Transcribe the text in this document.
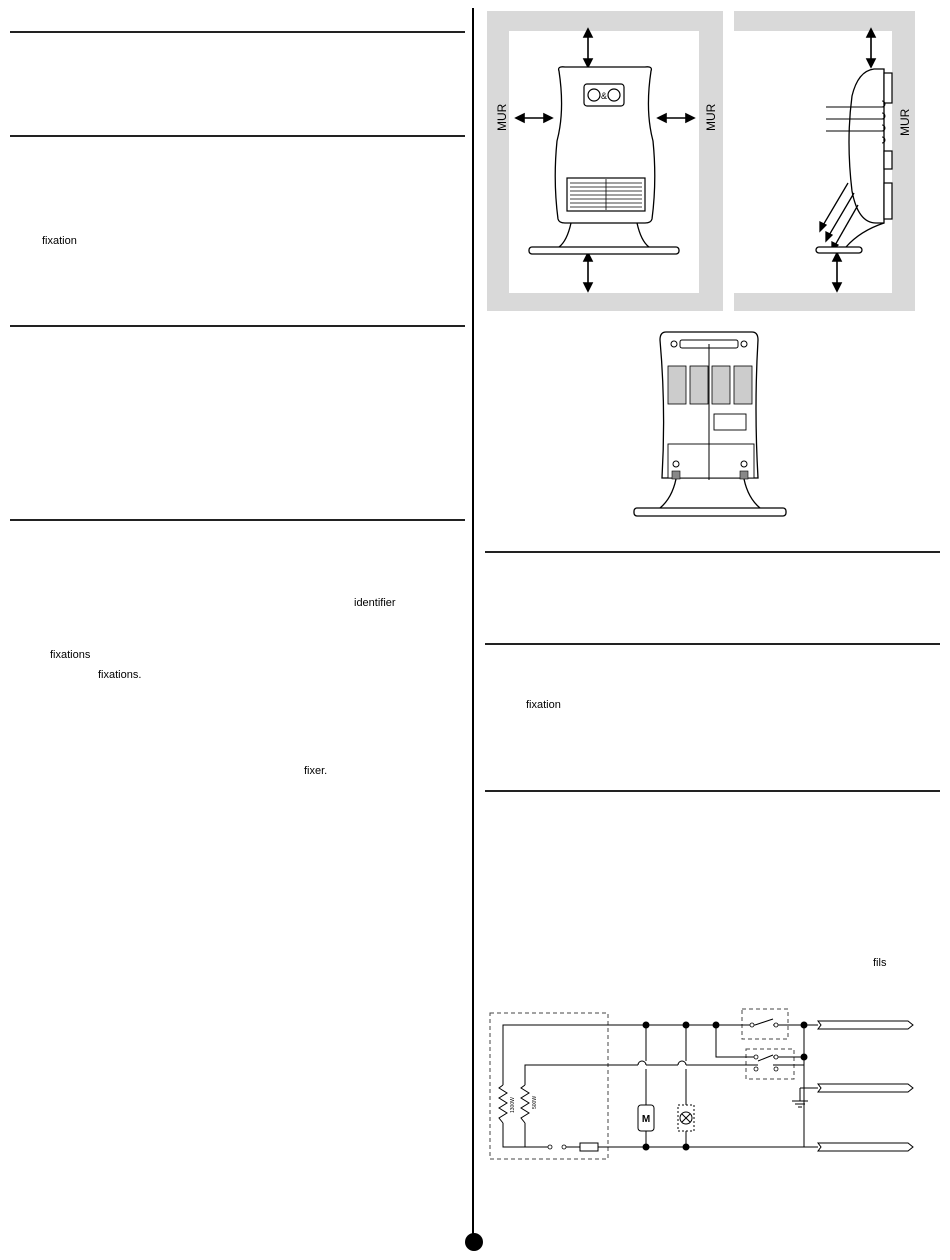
fixation
identifier
fixations
fixations.
fixer.
&
MUR	MUR	MUR
fixation
fils
1300W	500W
M
